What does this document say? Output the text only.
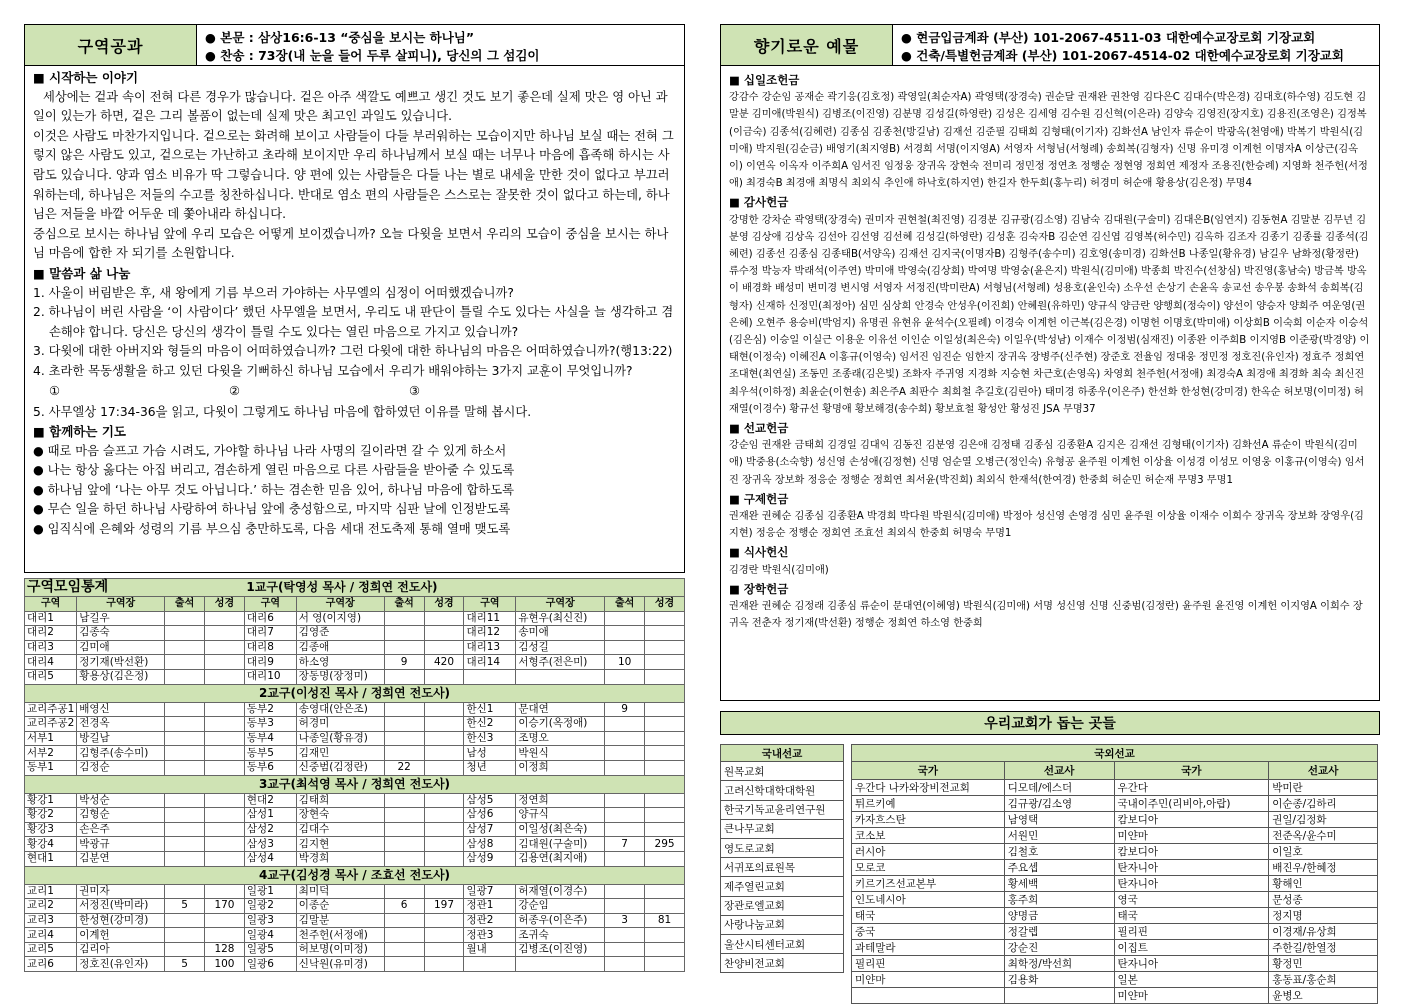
구역공과	● 본문 : 삼상16:6-13 “중심을 보시는 하나님”
● 찬송 : 73장(내 눈을 들어 두루 살피니), 당신의 그 섬김이
■ 시작하는 이야기
세상에는 겉과 속이 전혀 다른 경우가 많습니다. 겉은 아주 색깔도 예쁘고 생긴 것도 보기 좋은데 실제 맛은 영 아닌 과일이 있는가 하면, 겉은 그리 볼품이 없는데 실제 맛은 최고인 과일도 있습니다.
이것은 사람도 마찬가지입니다. 겉으로는 화려해 보이고 사람들이 다들 부러워하는 모습이지만 하나님 보실 때는 전혀 그렇지 않은 사람도 있고, 겉으로는 가난하고 초라해 보이지만 우리 하나님께서 보실 때는 너무나 마음에 흡족해 하시는 사람도 있습니다. 양과 염소 비유가 딱 그렇습니다. 양 편에 있는 사람들은 다들 나는 별로 내세울 만한 것이 없다고 부끄러워하는데, 하나님은 저들의 수고를 칭찬하십니다. 반대로 염소 편의 사람들은 스스로는 잘못한 것이 없다고 하는데, 하나님은 저들을 바깥 어두운 데 쫓아내라 하십니다.
중심으로 보시는 하나님 앞에 우리 모습은 어떻게 보이겠습니까? 오늘 다윗을 보면서 우리의 모습이 중심을 보시는 하나님 마음에 합한 자 되기를 소원합니다.
■ 말씀과 삶 나눔
1. 사울이 버림받은 후, 새 왕에게 기름 부으러 가야하는 사무엘의 심정이 어떠했겠습니까?
2. 하나님이 버린 사람을 ‘이 사람이다’ 했던 사무엘을 보면서, 우리도 내 판단이 틀릴 수도 있다는 사실을 늘 생각하고 겸손해야 합니다. 당신은 당신의 생각이 틀릴 수도 있다는 열린 마음으로 가지고 있습니까?
3. 다윗에 대한 아버지와 형들의 마음이 어떠하였습니까? 그런 다윗에 대한 하나님의 마음은 어떠하였습니까?(행13:22)
4. 초라한 목동생활을 하고 있던 다윗을 기뻐하신 하나님 모습에서 우리가 배워야하는 3가지 교훈이 무엇입니까?
①	②	③
5. 사무엘상 17:34-36을 읽고, 다윗이 그렇게도 하나님 마음에 합하였던 이유를 말해 봅시다.
■ 함께하는 기도
● 때로 마음 슬프고 가슴 시려도, 가야할 하나님 나라 사명의 길이라면 갈 수 있게 하소서
● 나는 항상 옳다는 아집 버리고, 겸손하게 열린 마음으로 다른 사람들을 받아줄 수 있도록
● 하나님 앞에 ‘나는 아무 것도 아닙니다.’ 하는 겸손한 믿음 있어, 하나님 마음에 합하도록
● 무슨 일을 하던 하나님 사랑하여 하나님 앞에 충성함으로, 마지막 심판 날에 인정받도록
● 임직식에 은혜와 성령의 기름 부으심 충만하도록, 다음 세대 전도축제 통해 열매 맺도록
구역모임통계				1교구(탁영성 목사 / 정희연 전도사)							
구역	구역장	출석	성경	구역	구역장	출석	성경	구역	구역장	출석	성경
대리1	남길우			대리6	서 영(이지영)			대리11	유현우(최신진)		
대리2	김종숙			대리7	김영준			대리12	송미애		
대리3	김미애			대리8	김종애			대리13	김성길		
대리4	정기재(박선환)			대리9	하소영	9	420	대리14	서형주(전은미)	10	
대리5	황용상(김은정)			대리10	장동명(장정미)						
2교구(이성진 목사 / 정희연 전도사)											
교리주공1	배영신			동부2	송영대(안은조)			한신1	문대연	9	
교리주공2	전경옥			동부3	허경미			한신2	이승기(옥정애)		
서부1	방길남			동부4	나종일(황유경)			한신3	조명오		
서부2	김형주(송수미)			동부5	김재민			남성	박원식		
동부1	김정순			동부6	신중범(김정란)	22		청년	이정희		
3교구(최석영 목사 / 정희연 전도사)											
황강1	박성순			현대2	김태희			삼성5	정연희		
황강2	김형순			삼성1	장현숙			삼성6	양규식		
황강3	손은주			삼성2	김대수			삼성7	이일성(최은숙)		
황강4	박광규			삼성3	김지현			삼성8	김대원(구술미)	7	295
현대1	김분연			삼성4	박경희			삼성9	김용연(최지애)		
4교구(김성경 목사 / 조효선 전도사)											
교리1	권미자			일광1	최미덕			일광7	허재열(이경수)		
교리2	서정진(박미라)	5	170	일광2	이종순	6	197	정관1	강순임		
교리3	한성현(강미경)			일광3	김말분			정관2	허종우(이은주)	3	81
교리4	이계헌			일광4	천주헌(서정애)			정관3	조귀숙		
교리5	김리아		128	일광5	허보명(이미정)			월내	김병조(이진영)		
교리6	정호진(유인자)	5	100	일광6	신낙원(유미경)						
향기로운 예물	● 현금입금계좌 (부산) 101-2067-4511-03 대한예수교장로회 기장교회
● 건축/특별헌금계좌 (부산) 101-2067-4514-02 대한예수교장로회 기장교회
■ 십일조헌금
강감수 강순임 공재순 곽기응(김호정) 곽영일(최순자A) 곽영택(장경숙) 권순달 권재완 권찬영 김다은C 김대수(박은경) 김대호(하수영) 김도현 김말분 김미애(박원식) 김병조(이진영) 김분명 김성길(하영란) 김성은 김세영 김수원 김신혁(이은라) 김양숙 김영진(장지호) 김용진(조영은) 김정복(이금숙) 김종석(김혜련) 김종심 김종천(방길남) 김재선 김준필 김태희 김형태(이기자) 김화선A 남인자 류순이 박광옥(천영애) 박복기 박원식(김미애) 박지원(김순금) 배영기(최지영B) 서경희 서명(이지영A) 서영자 서형님(서형례) 송희복(김형자) 신명 유미경 이계헌 이명자A 이상근(김옥이) 이연옥 이옥자 이주희A 임서진 임정웅 장귀옥 장현숙 전미리 정민정 정연초 정행순 정현영 정희연 제정자 조용진(한승례) 지영화 천주헌(서정애) 최경숙B 최경애 최명식 최외식 추인애 하낙호(하지연) 한길자 한두희(홍누리) 허경미 허순애 황용상(김은정) 무명4
■ 감사헌금
강명한 강차순 곽영택(장경숙) 권미자 권현철(최진영) 김경분 김규광(김소영) 김남숙 김대원(구술미) 김대은B(임연지) 김동현A 김말분 김무년 김분영 김상애 김상옥 김선아 김선영 김선혜 김성길(하영란) 김성훈 김숙자B 김순연 김신엽 김영복(허수민) 김옥하 김조자 김종기 김종률 김종석(김혜련) 김종선 김종심 김종태B(서양옥) 김재선 김지국(이명자B) 김형주(송수미) 김호영(송미경) 김화선B 나종일(황유경) 남길우 남화정(황정란) 류수정 박능자 박래석(이주연) 박미애 박영숙(김상희) 박여명 박영숭(윤은지) 박원식(김미애) 박종희 박진수(선창심) 박진영(홍남숙) 방금복 방옥이 배경화 배성미 변미경 변시영 서영자 서정진(박미란A) 서형님(서형례) 성용호(윤인숙) 소우선 손상기 손윤옥 송교선 송우봉 송화석 송희복(김형자) 신재하 신정민(최정아) 심민 심상희 안경숙 안성우(이진희) 안혜원(유하민) 양규식 양금란 양행희(정숙이) 양선이 양승자 양희주 여운영(권은혜) 오현주 용승비(박엄지) 유명권 유현유 윤석수(오필례) 이경숙 이계헌 이근복(김은경) 이명헌 이명호(박미애) 이상희B 이숙희 이순자 이승석(김은심) 이승일 이실근 이용운 이유선 이인순 이일성(최은숙) 이일우(박성남) 이재수 이정범(심재진) 이종완 이주희B 이지영B 이준광(박경양) 이태현(이정숙) 이혜진A 이홍규(이영숙) 임서진 임진순 임한지 장귀옥 장병주(신주현) 장준호 전율임 정대웅 정민정 정호진(유인자) 정효주 정희연 조대현(최연실) 조동민 조종래(김은빛) 조화자 주귀영 지경화 지승현 차근호(손영옥) 차영희 천주헌(서정애) 최경숙A 최경애 최경화 최숙 최신진 최우석(이하정) 최윤순(이현송) 최은주A 최판수 최희철 추길호(김린아) 태미경 하종우(이은주) 한선화 한성현(강미경) 한옥순 허보명(이미정) 허재열(이경수) 황규선 황명애 황보해경(송수희) 황보효철 황성안 황성진 JSA 무명37
■ 선교헌금
강순임 권재완 금태희 김경일 김대익 김동진 김분영 김은애 김정태 김종심 김종환A 김지은 김재선 김형태(이기자) 김화선A 류순이 박원식(김미애) 박중용(소숙향) 성신영 손성애(김정현) 신명 엄순열 오병근(정인숙) 유형공 윤주원 이계헌 이상율 이성경 이성모 이영웅 이홍규(이영숙) 임서진 장귀옥 장보화 정응순 정행순 정희연 최서윤(박진희) 최외식 한재석(한여경) 한중희 허순민 허순재 무명3 무명1
■ 구제헌금
권재완 권혜순 김종심 김종환A 박경희 박다원 박원식(김미애) 박정아 성신영 손영경 심민 윤주원 이상율 이재수 이희수 장귀옥 장보화 장영우(김지현) 정응순 정행순 정희연 조효선 최외식 한중희 허명숙 무명1
■ 식사헌신
김경란 박원식(김미애)
■ 장학헌금
권재완 권혜순 김정래 김종심 류순이 문대연(이혜영) 박원식(김미애) 서명 성신영 신명 신중범(김정란) 윤주원 윤진영 이계헌 이지영A 이희수 장귀옥 전춘자 정기재(박선환) 정행순 정희연 하소영 한중희
우리교회가 돕는 곳들
국내선교
원목교회
고려신학대학대학원
한국기독교윤리연구원
큰나무교회
영도로교회
서귀포의료원목
제주열린교회
장관로엘교회
사랑나눔교회
울산시티센터교회
찬양비전교회
국외선교			
국가	선교사	국가	선교사
우간다 나카와장비전교회	디모데/에스더	우간다	박미란
튀르키예	김규광/김소영	국내이주민(리비아,아랍)	이순종/김하리
카자흐스탄	남영택	캄보디아	권일/김정화
코소보	서원민	미얀마	전준옥/윤수미
러시아	김철호	캄보디아	이일호
모로코	주요셉	탄자니아	배진우/한혜정
키르기즈선교본부	황세백	탄자니아	황해인
인도네시아	홍주희	영국	문성종
태국	양명금	태국	정지명
중국	정갈렙	필리핀	이경재/유상희
과테말라	강순진	이집트	주한길/한열정
필리핀	최학정/박선희	탄자니아	황정민
미얀마	김용화	일본	홍동표/홍순희
		미얀마	윤병오
